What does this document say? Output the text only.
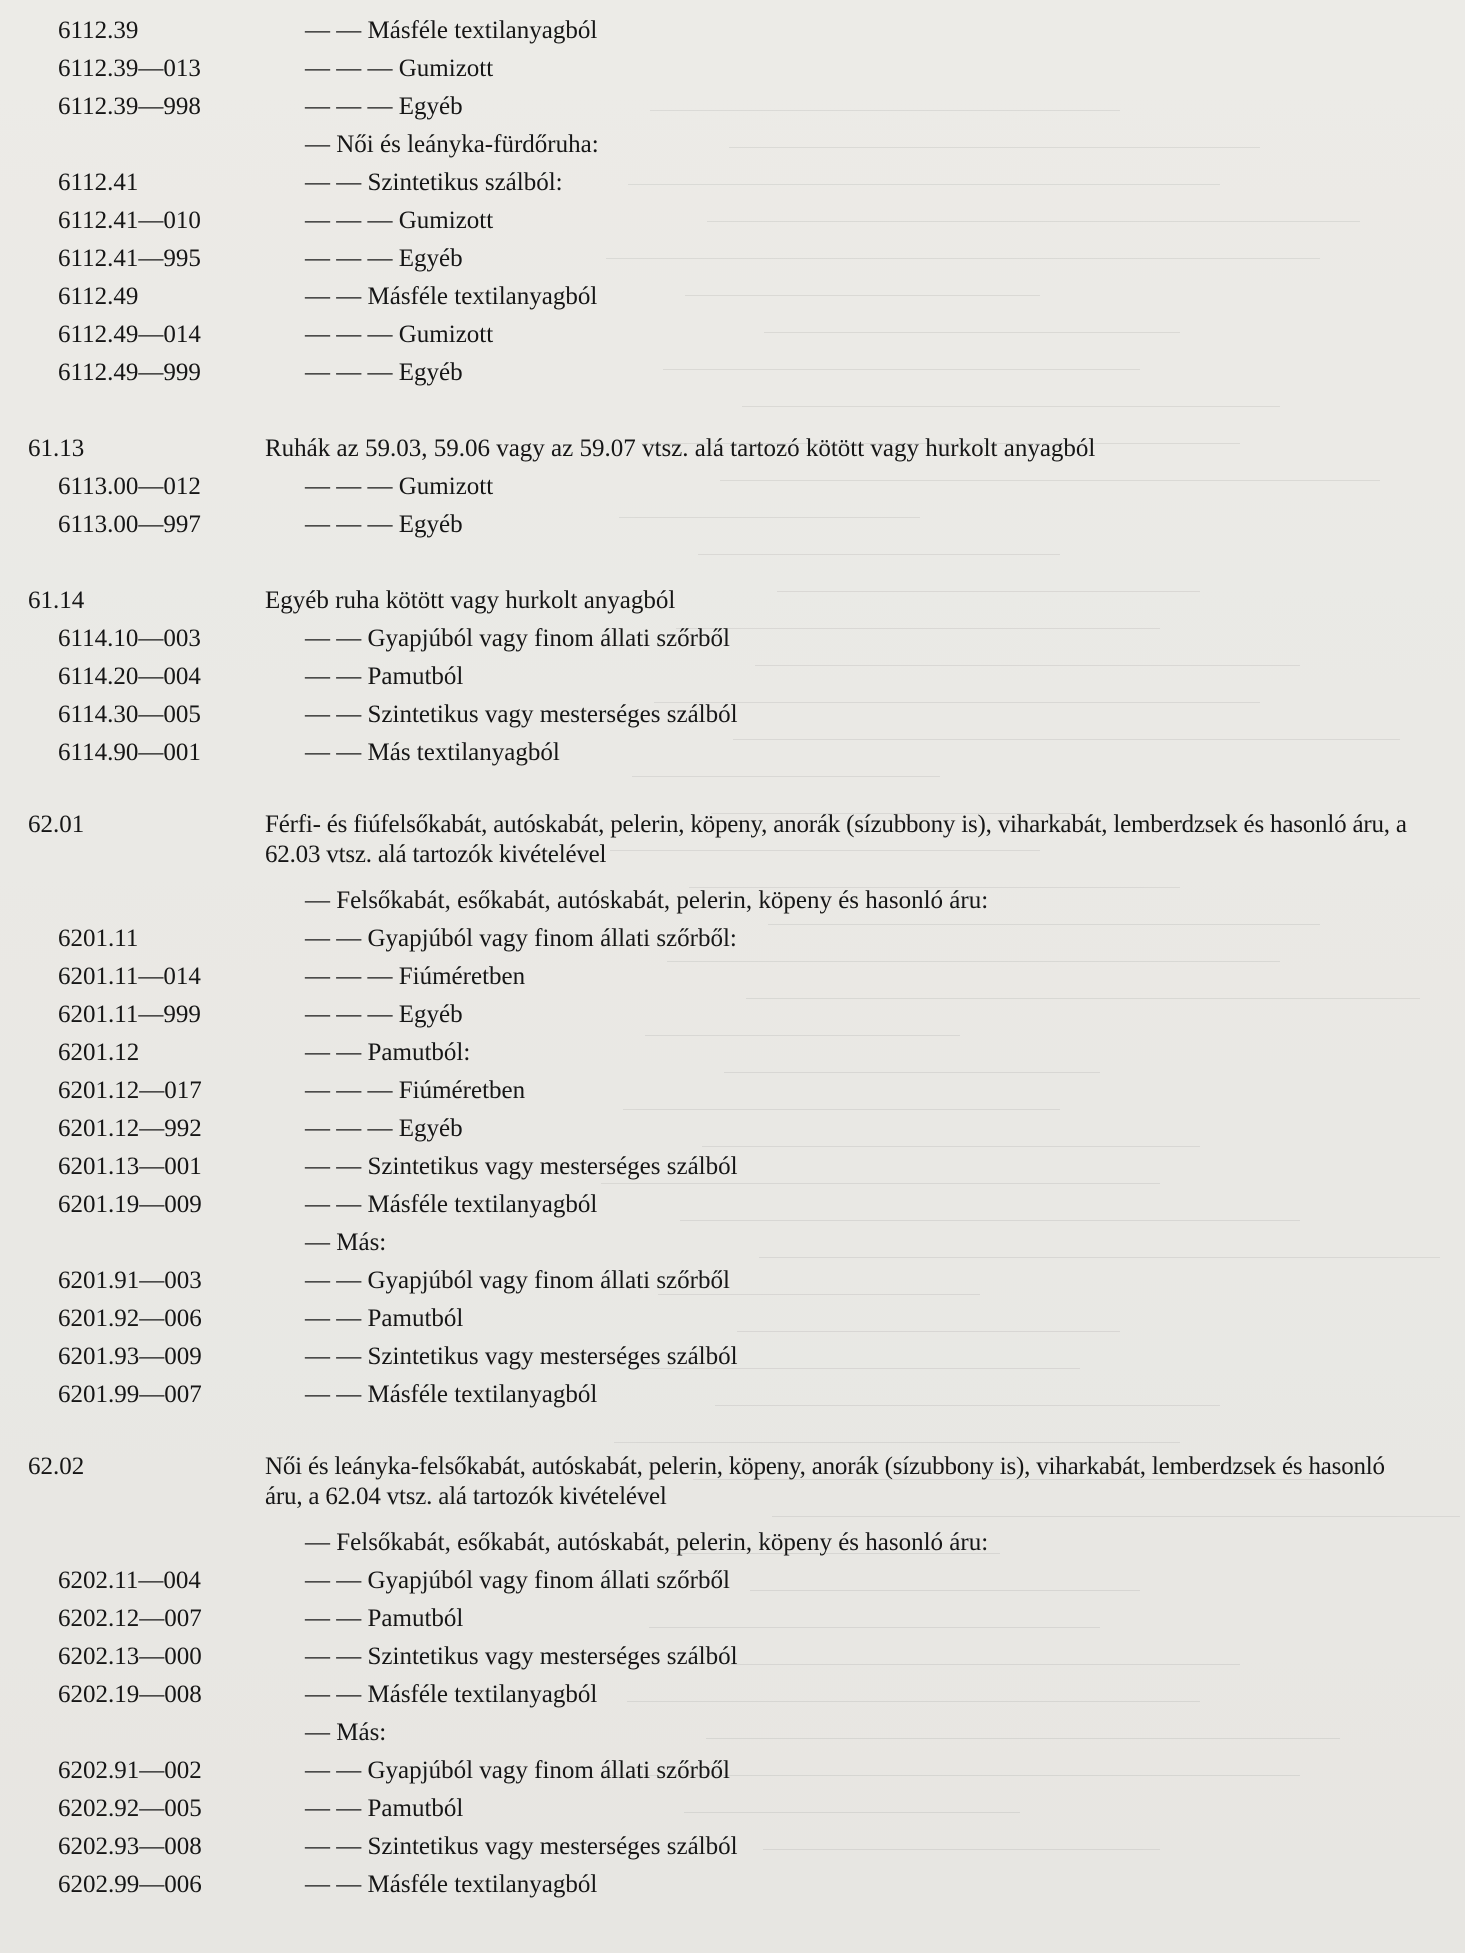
6112.39	— — Másféle textilanyagból
6112.39—013	— — — Gumizott
6112.39—998	— — — Egyéb
— Női és leányka-fürdőruha:
6112.41	— — Szintetikus szálból:
6112.41—010	— — — Gumizott
6112.41—995	— — — Egyéb
6112.49	— — Másféle textilanyagból
6112.49—014	— — — Gumizott
6112.49—999	— — — Egyéb
61.13	Ruhák az 59.03, 59.06 vagy az 59.07 vtsz. alá tartozó kötött vagy hurkolt anyagból
6113.00—012	— — — Gumizott
6113.00—997	— — — Egyéb
61.14	Egyéb ruha kötött vagy hurkolt anyagból
6114.10—003	— — Gyapjúból vagy finom állati szőrből
6114.20—004	— — Pamutból
6114.30—005	— — Szintetikus vagy mesterséges szálból
6114.90—001	— — Más textilanyagból
62.01	Férfi- és fiúfelsőkabát, autóskabát, pelerin, köpeny, anorák (sízubbony is), viharkabát, lemberdzsek és hasonló áru, a 62.03 vtsz. alá tartozók kivételével
— Felsőkabát, esőkabát, autóskabát, pelerin, köpeny és hasonló áru:
6201.11	— — Gyapjúból vagy finom állati szőrből:
6201.11—014	— — — Fiúméretben
6201.11—999	— — — Egyéb
6201.12	— — Pamutból:
6201.12—017	— — — Fiúméretben
6201.12—992	— — — Egyéb
6201.13—001	— — Szintetikus vagy mesterséges szálból
6201.19—009	— — Másféle textilanyagból
— Más:
6201.91—003	— — Gyapjúból vagy finom állati szőrből
6201.92—006	— — Pamutból
6201.93—009	— — Szintetikus vagy mesterséges szálból
6201.99—007	— — Másféle textilanyagból
62.02	Női és leányka-felsőkabát, autóskabát, pelerin, köpeny, anorák (sízubbony is), viharkabát, lemberdzsek és hasonló áru, a 62.04 vtsz. alá tartozók kivételével
— Felsőkabát, esőkabát, autóskabát, pelerin, köpeny és hasonló áru:
6202.11—004	— — Gyapjúból vagy finom állati szőrből
6202.12—007	— — Pamutból
6202.13—000	— — Szintetikus vagy mesterséges szálból
6202.19—008	— — Másféle textilanyagból
— Más:
6202.91—002	— — Gyapjúból vagy finom állati szőrből
6202.92—005	— — Pamutból
6202.93—008	— — Szintetikus vagy mesterséges szálból
6202.99—006	— — Másféle textilanyagból
